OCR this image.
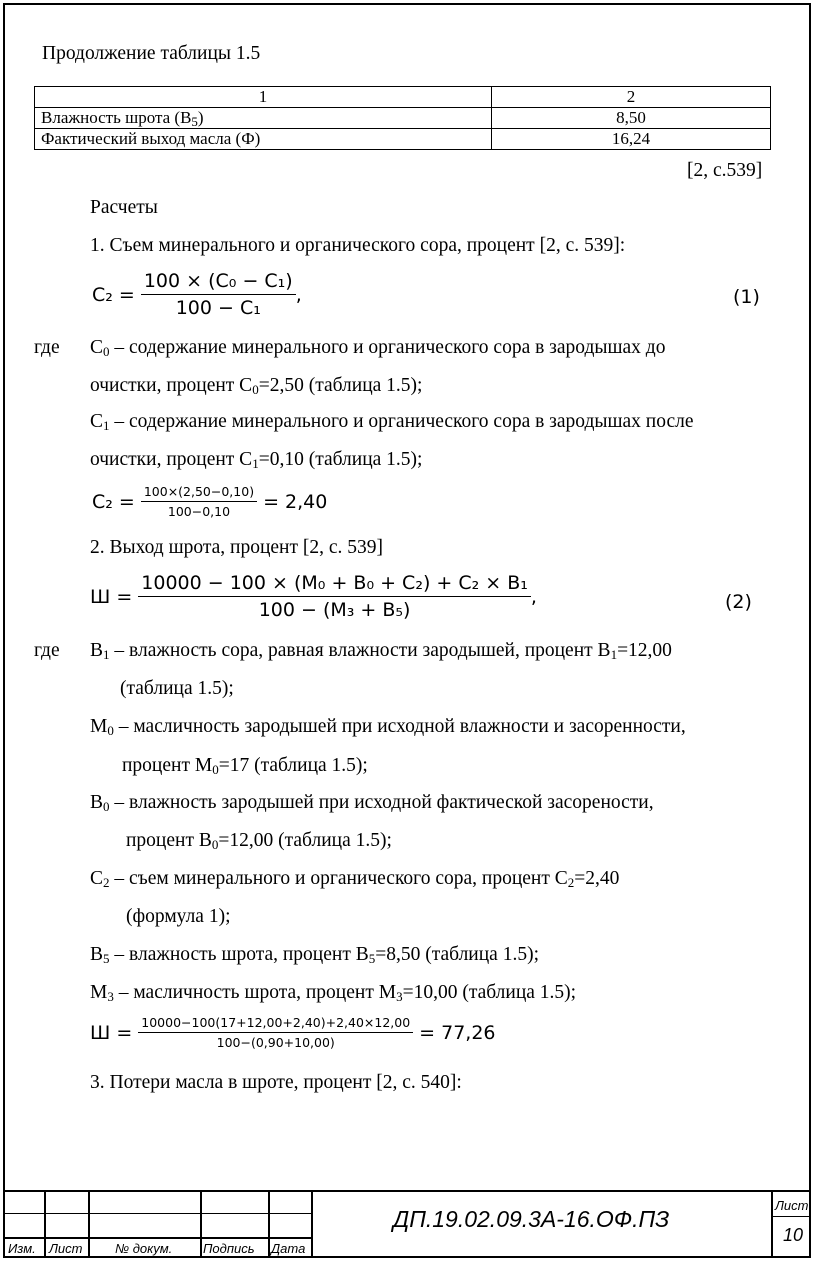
Продолжение таблицы 1.5
1	2
Влажность шрота $(В_5)$	8,50
Фактический выход масла (Ф)	16,24
[2, с.539]
Расчеты
1. Съем минерального и органического сора, процент [2, с. 539]:
$C_2 = \frac{\text{100 × (C₀ − C₁)}}{\text{100 − C₁}}$ ,	(1)
где $С_0$ – содержание минерального и органического сора в зародышах до
очистки, процент $С_0=2,50$ (таблица 1.5);
$С_1$ – содержание минерального и органического сора в зародышах после
очистки, процент $С_1=0,10$ (таблица 1.5);
$C_2 = \frac{100\times(2,50-0,10)}{100-0,10} = 2,40$
2. Выход шрота, процент [2, с. 539]
$Ш = \frac{\text{10000 − 100 × (M₀ + B₀ + C₂) + C₂ × B₁}}{\text{100 − (M₃ + B₅)}}$ ,	(2)
где $В_1$ – влажность сора, равная влажности зародышей, процент $В_1=12,00$
(таблица 1.5);
$М_0$ – масличность зародышей при исходной влажности и засоренности,
процент $М_0=17$ (таблица 1.5);
$В_0$ – влажность зародышей при исходной фактической засорености,
процент $В_0=12,00$ (таблица 1.5);
$С_2$ – съем минерального и органического сора, процент $С_2=2,40$
(формула 1);
$В_5$ – влажность шрота, процент $В_5=8,50$ (таблица 1.5);
$М_3$ – масличность шрота, процент $М_3=10,00$ (таблица 1.5);
$Ш = \frac{10000-100(17+12,00+2,40)+2,40\times 12,00}{100-(0,90+10,00)} = 77,26$
3. Потери масла в шроте, процент [2, с. 540]:
Изм. Лист	№ докум. Подпись Дата
ДП.19.02.09.3А-16.ОФ.ПЗ
Лист
10
